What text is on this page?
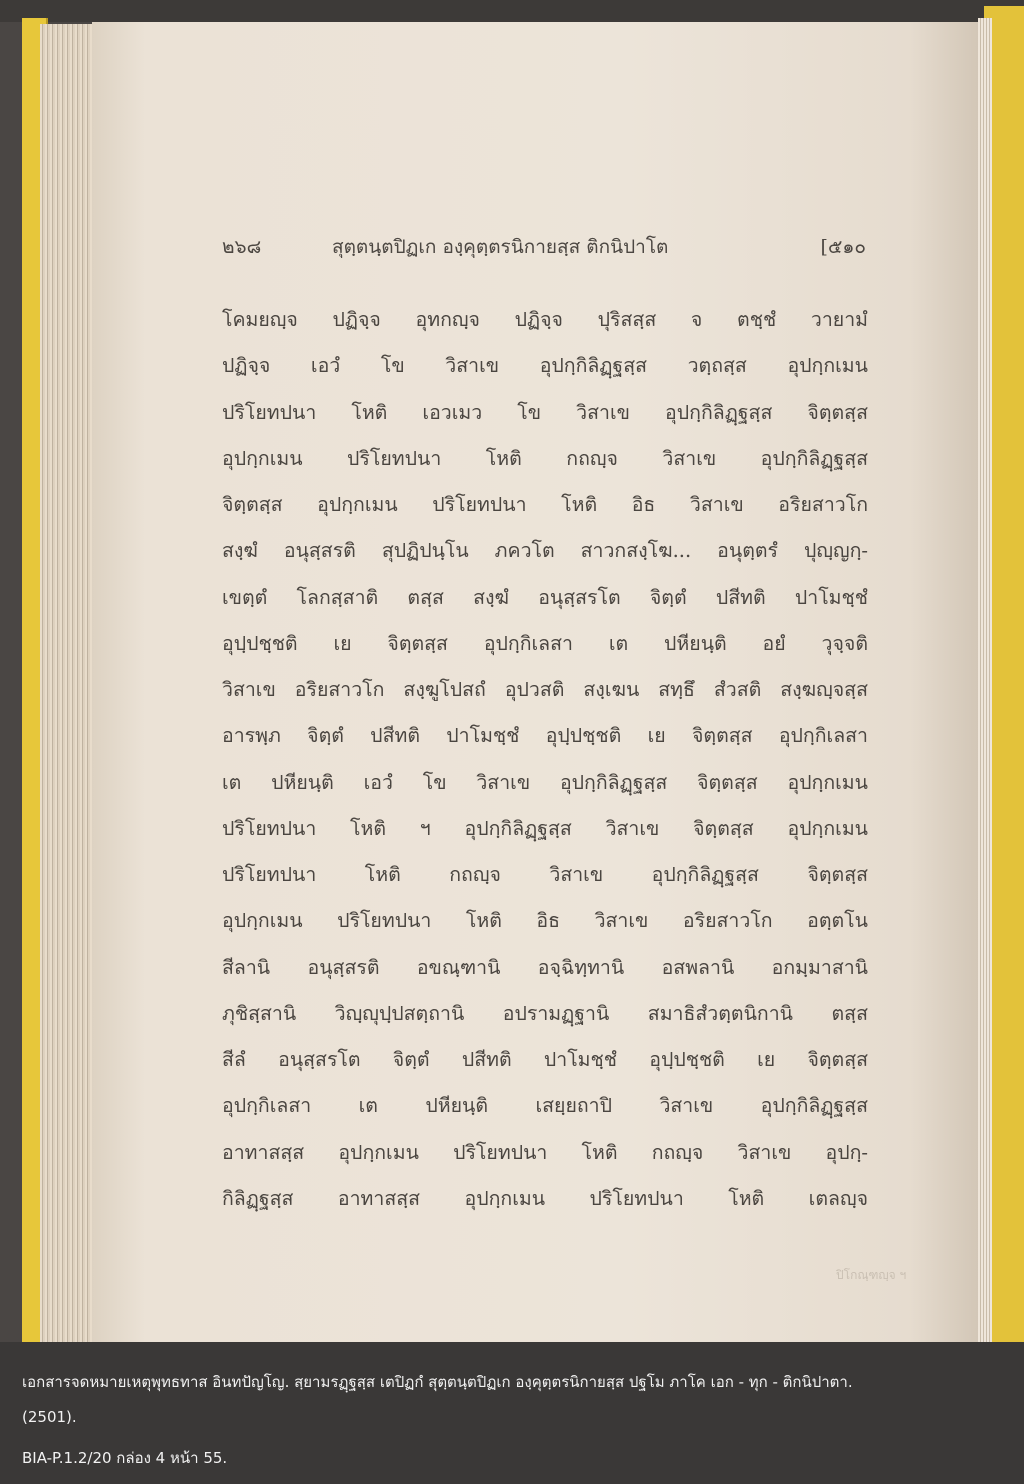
๒๖๘	สุตฺตนฺตปิฏเก องฺคุตฺตรนิกายสฺส ติกนิปาโต	[๕๑๐
โคมยญฺจ ปฏิจฺจ อุทกญฺจ ปฏิจฺจ ปุริสสฺส จ ตชฺชํ วายามํ
ปฏิจฺจ เอวํ โข วิสาเข อุปกฺกิลิฏฺฐสฺส วตฺถสฺส อุปกฺกเมน
ปริโยทปนา โหติ เอวเมว โข วิสาเข อุปกฺกิลิฏฺฐสฺส จิตฺตสฺส
อุปกฺกเมน ปริโยทปนา โหติ กถญฺจ วิสาเข อุปกฺกิลิฏฺฐสฺส
จิตฺตสฺส อุปกฺกเมน ปริโยทปนา โหติ อิธ วิสาเข อริยสาวโก
สงฺฆํ อนุสฺสรติ สุปฏิปนฺโน ภควโต สาวกสงฺโฆ... อนุตฺตรํ ปุญฺญกฺ-
เขตฺตํ โลกสฺสาติ ตสฺส สงฺฆํ อนุสฺสรโต จิตฺตํ ปสีทติ ปาโมชฺชํ
อุปฺปชฺชติ เย จิตฺตสฺส อุปกฺกิเลสา เต ปหียนฺติ อยํ วุจฺจติ
วิสาเข อริยสาวโก สงฺฆูโปสถํ อุปวสติ สงฺเฆน สทฺธึ สํวสติ สงฺฆญฺจสฺส
อารพฺภ จิตฺตํ ปสีทติ ปาโมชฺชํ อุปฺปชฺชติ เย จิตฺตสฺส อุปกฺกิเลสา
เต ปหียนฺติ เอวํ โข วิสาเข อุปกฺกิลิฏฺฐสฺส จิตฺตสฺส อุปกฺกเมน
ปริโยทปนา โหติ ฯ อุปกฺกิลิฏฺฐสฺส วิสาเข จิตฺตสฺส อุปกฺกเมน
ปริโยทปนา โหติ กถญฺจ วิสาเข อุปกฺกิลิฏฺฐสฺส จิตฺตสฺส
อุปกฺกเมน ปริโยทปนา โหติ อิธ วิสาเข อริยสาวโก อตฺตโน
สีลานิ อนุสฺสรติ อขณฺฑานิ อจฺฉิทฺทานิ อสพลานิ อกมฺมาสานิ
ภุชิสฺสานิ วิญฺญุปฺปสตฺถานิ อปรามฏฺฐานิ สมาธิสํวตฺตนิกานิ ตสฺส
สีลํ อนุสฺสรโต จิตฺตํ ปสีทติ ปาโมชฺชํ อุปฺปชฺชติ เย จิตฺตสฺส
อุปกฺกิเลสา เต ปหียนฺติ เสยฺยถาปิ วิสาเข อุปกฺกิลิฏฺฐสฺส
อาทาสสฺส อุปกฺกเมน ปริโยทปนา โหติ กถญฺจ วิสาเข อุปกฺ-
กิลิฏฺฐสฺส อาทาสสฺส อุปกฺกเมน ปริโยทปนา โหติ เตลญฺจ
ปิโกณฺฑญฺจ ฯ
เอกสารจดหมายเหตุพุทธทาส อินทปัญโญ. สฺยามรฏฺฐสฺส เตปิฏกํ สุตฺตนฺตปิฏเก องฺคุตฺตรนิกายสฺส ปฐโม ภาโค เอก - ทุก - ติกนิปาตา.
(2501).
BIA-P.1.2/20 กล่อง 4 หน้า 55.
